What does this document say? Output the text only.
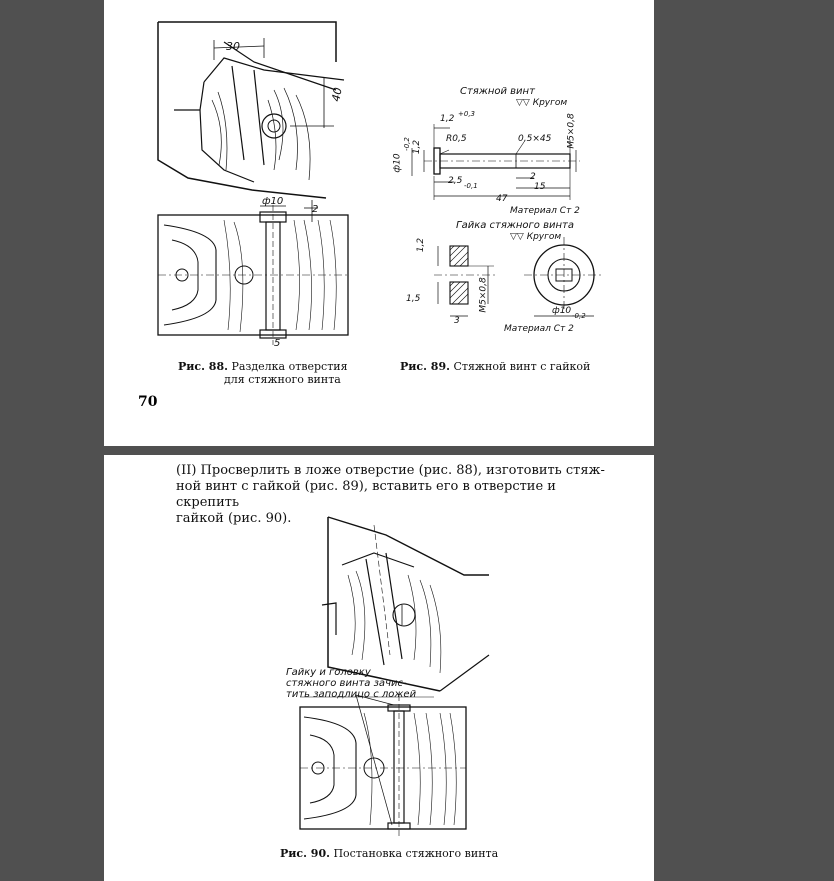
30
40
ф10
2
5
Рис. 88. Разделка отверстия
для стяжного винта
Стяжной винт
▽▽ Кругом
1,2 +0,3
R0,5	0,5×45 M5×0,8
ф10
-0,2 1,2
2,5 -0,1
2
15
47
Материал Ст 2
Гайка стяжного винта
▽▽ Кругом
1,2
1,5
3
M5×0,8	ф10 -0,2
Материал Ст 2
Рис. 89. Стяжной винт с гайкой
70
(II) Просверлить в ложе отверстие (рис. 88), изготовить стяж-
ной винт с гайкой (рис. 89), вставить его в отверстие и скрепить
гайкой (рис. 90).
Гайку и головку
стяжного винта зачис-
тить заподлицо с ложей
Рис. 90. Постановка стяжного винта
